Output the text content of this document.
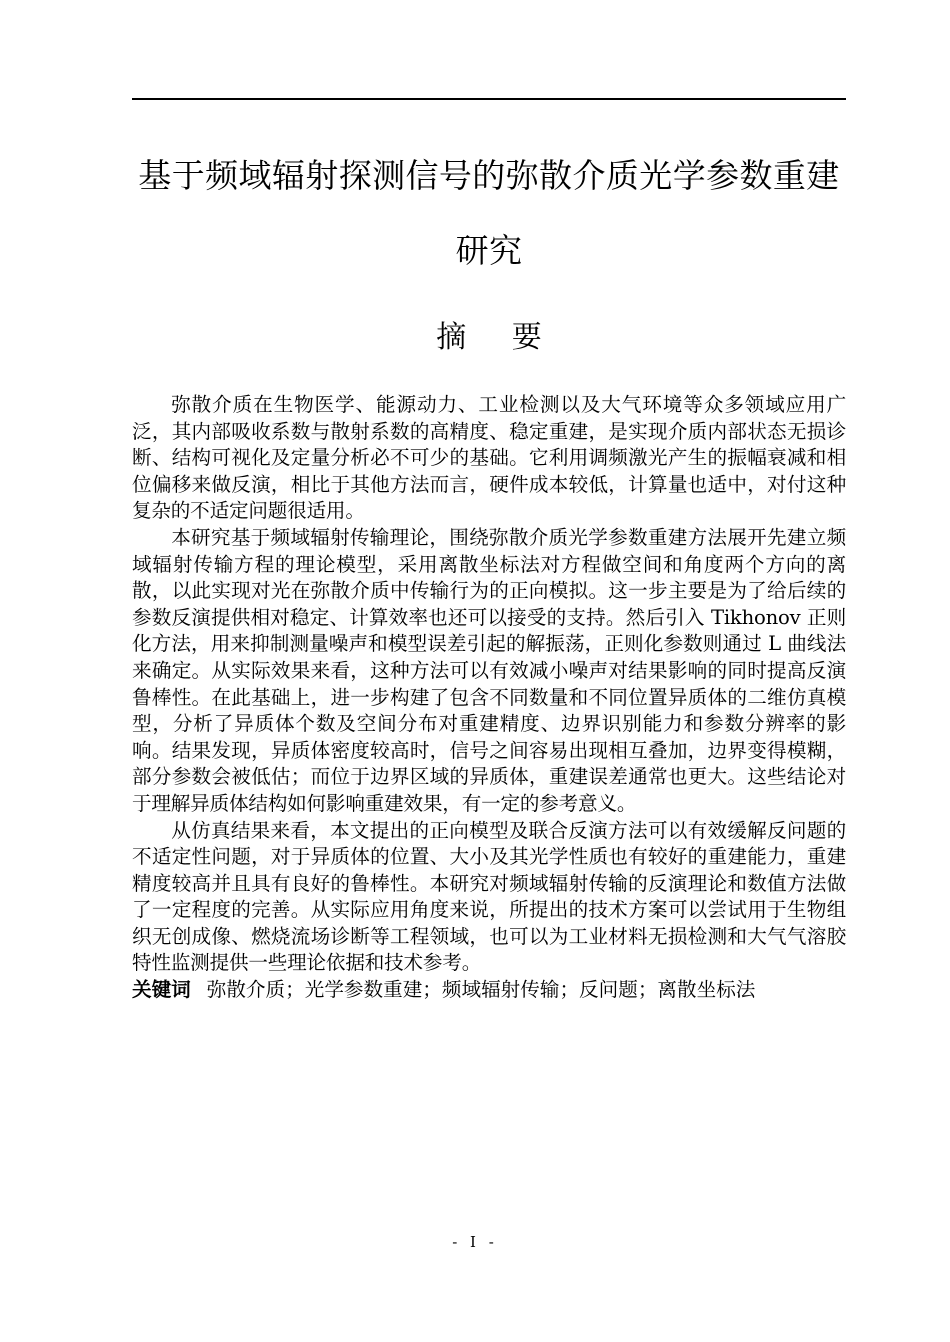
基于频域辐射探测信号的弥散介质光学参数重建
研究
摘 要

弥散介质在生物医学、能源动力、工业检测以及大气环境等众多领域应用广泛，其内部吸收系数与散射系数的高精度、稳定重建，是实现介质内部状态无损诊断、结构可视化及定量分析必不可少的基础。它利用调频激光产生的振幅衰减和相位偏移来做反演，相比于其他方法而言，硬件成本较低，计算量也适中，对付这种复杂的不适定问题很适用。

本研究基于频域辐射传输理论，围绕弥散介质光学参数重建方法展开先建立频域辐射传输方程的理论模型，采用离散坐标法对方程做空间和角度两个方向的离散，以此实现对光在弥散介质中传输行为的正向模拟。这一步主要是为了给后续的参数反演提供相对稳定、计算效率也还可以接受的支持。然后引入 Tikhonov 正则化方法，用来抑制测量噪声和模型误差引起的解振荡，正则化参数则通过 L 曲线法来确定。从实际效果来看，这种方法可以有效减小噪声对结果影响的同时提高反演鲁棒性。在此基础上，进一步构建了包含不同数量和不同位置异质体的二维仿真模型，分析了异质体个数及空间分布对重建精度、边界识别能力和参数分辨率的影响。结果发现，异质体密度较高时，信号之间容易出现相互叠加，边界变得模糊，部分参数会被低估；而位于边界区域的异质体，重建误差通常也更大。这些结论对于理解异质体结构如何影响重建效果，有一定的参考意义。

从仿真结果来看，本文提出的正向模型及联合反演方法可以有效缓解反问题的不适定性问题，对于异质体的位置、大小及其光学性质也有较好的重建能力，重建精度较高并且具有良好的鲁棒性。本研究对频域辐射传输的反演理论和数值方法做了一定程度的完善。从实际应用角度来说，所提出的技术方案可以尝试用于生物组织无创成像、燃烧流场诊断等工程领域，也可以为工业材料无损检测和大气气溶胶特性监测提供一些理论依据和技术参考。

关键词 弥散介质；光学参数重建；频域辐射传输；反问题；离散坐标法

- I -
